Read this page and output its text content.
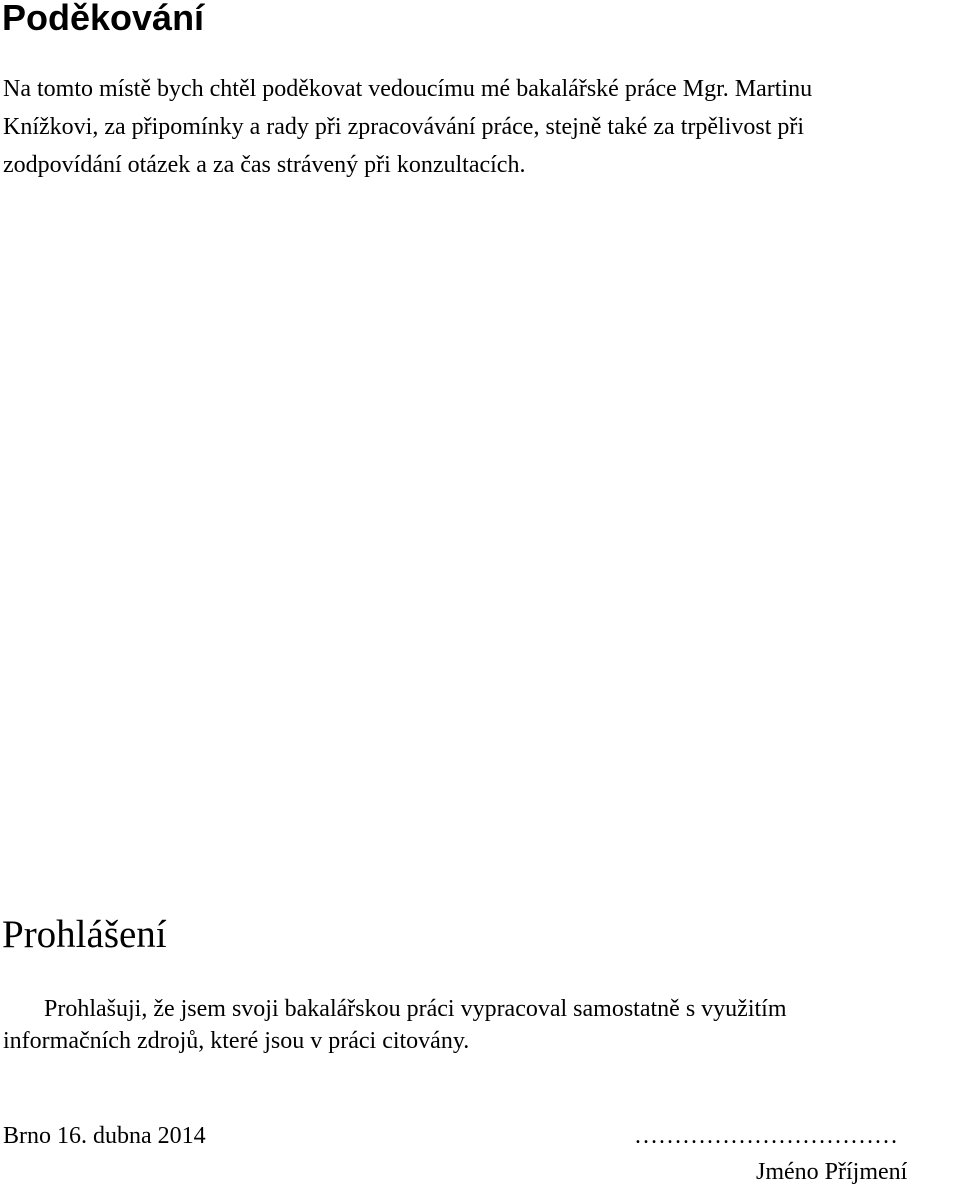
Poděkování
Na tomto místě bych chtěl poděkovat vedoucímu mé bakalářské práce Mgr. Martinu
Knížkovi, za připomínky a rady při zpracovávání práce, stejně také za trpělivost při
zodpovídání otázek a za čas strávený při konzultacích.
Prohlášení
Prohlašuji, že jsem svoji bakalářskou práci vypracoval samostatně s využitím
informačních zdrojů, které jsou v práci citovány.
Brno 16. dubna 2014	……………………………
Jméno Příjmení
